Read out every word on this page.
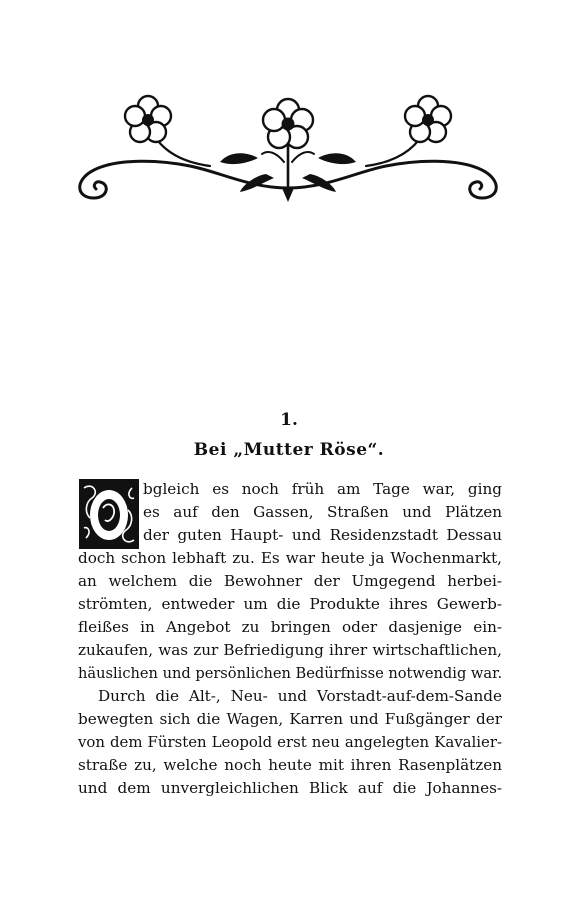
1.
Bei „Mutter Röse“.

bgleich es noch früh am Tage war, ging

es auf den Gassen, Straßen und Plätzen

der guten Haupt- und Residenzstadt Dessau

doch schon lebhaft zu. Es war heute ja Wochenmarkt,

an welchem die Bewohner der Umgegend herbei-

strömten, entweder um die Produkte ihres Gewerb-

fleißes in Angebot zu bringen oder dasjenige ein-

zukaufen, was zur Befriedigung ihrer wirtschaftlichen,

häuslichen und persönlichen Bedürfnisse notwendig war.

Durch die Alt-, Neu- und Vorstadt-auf-dem-Sande

bewegten sich die Wagen, Karren und Fußgänger der

von dem Fürsten Leopold erst neu angelegten Kavalier-

straße zu, welche noch heute mit ihren Rasenplätzen

und dem unvergleichlichen Blick auf die Johannes-
